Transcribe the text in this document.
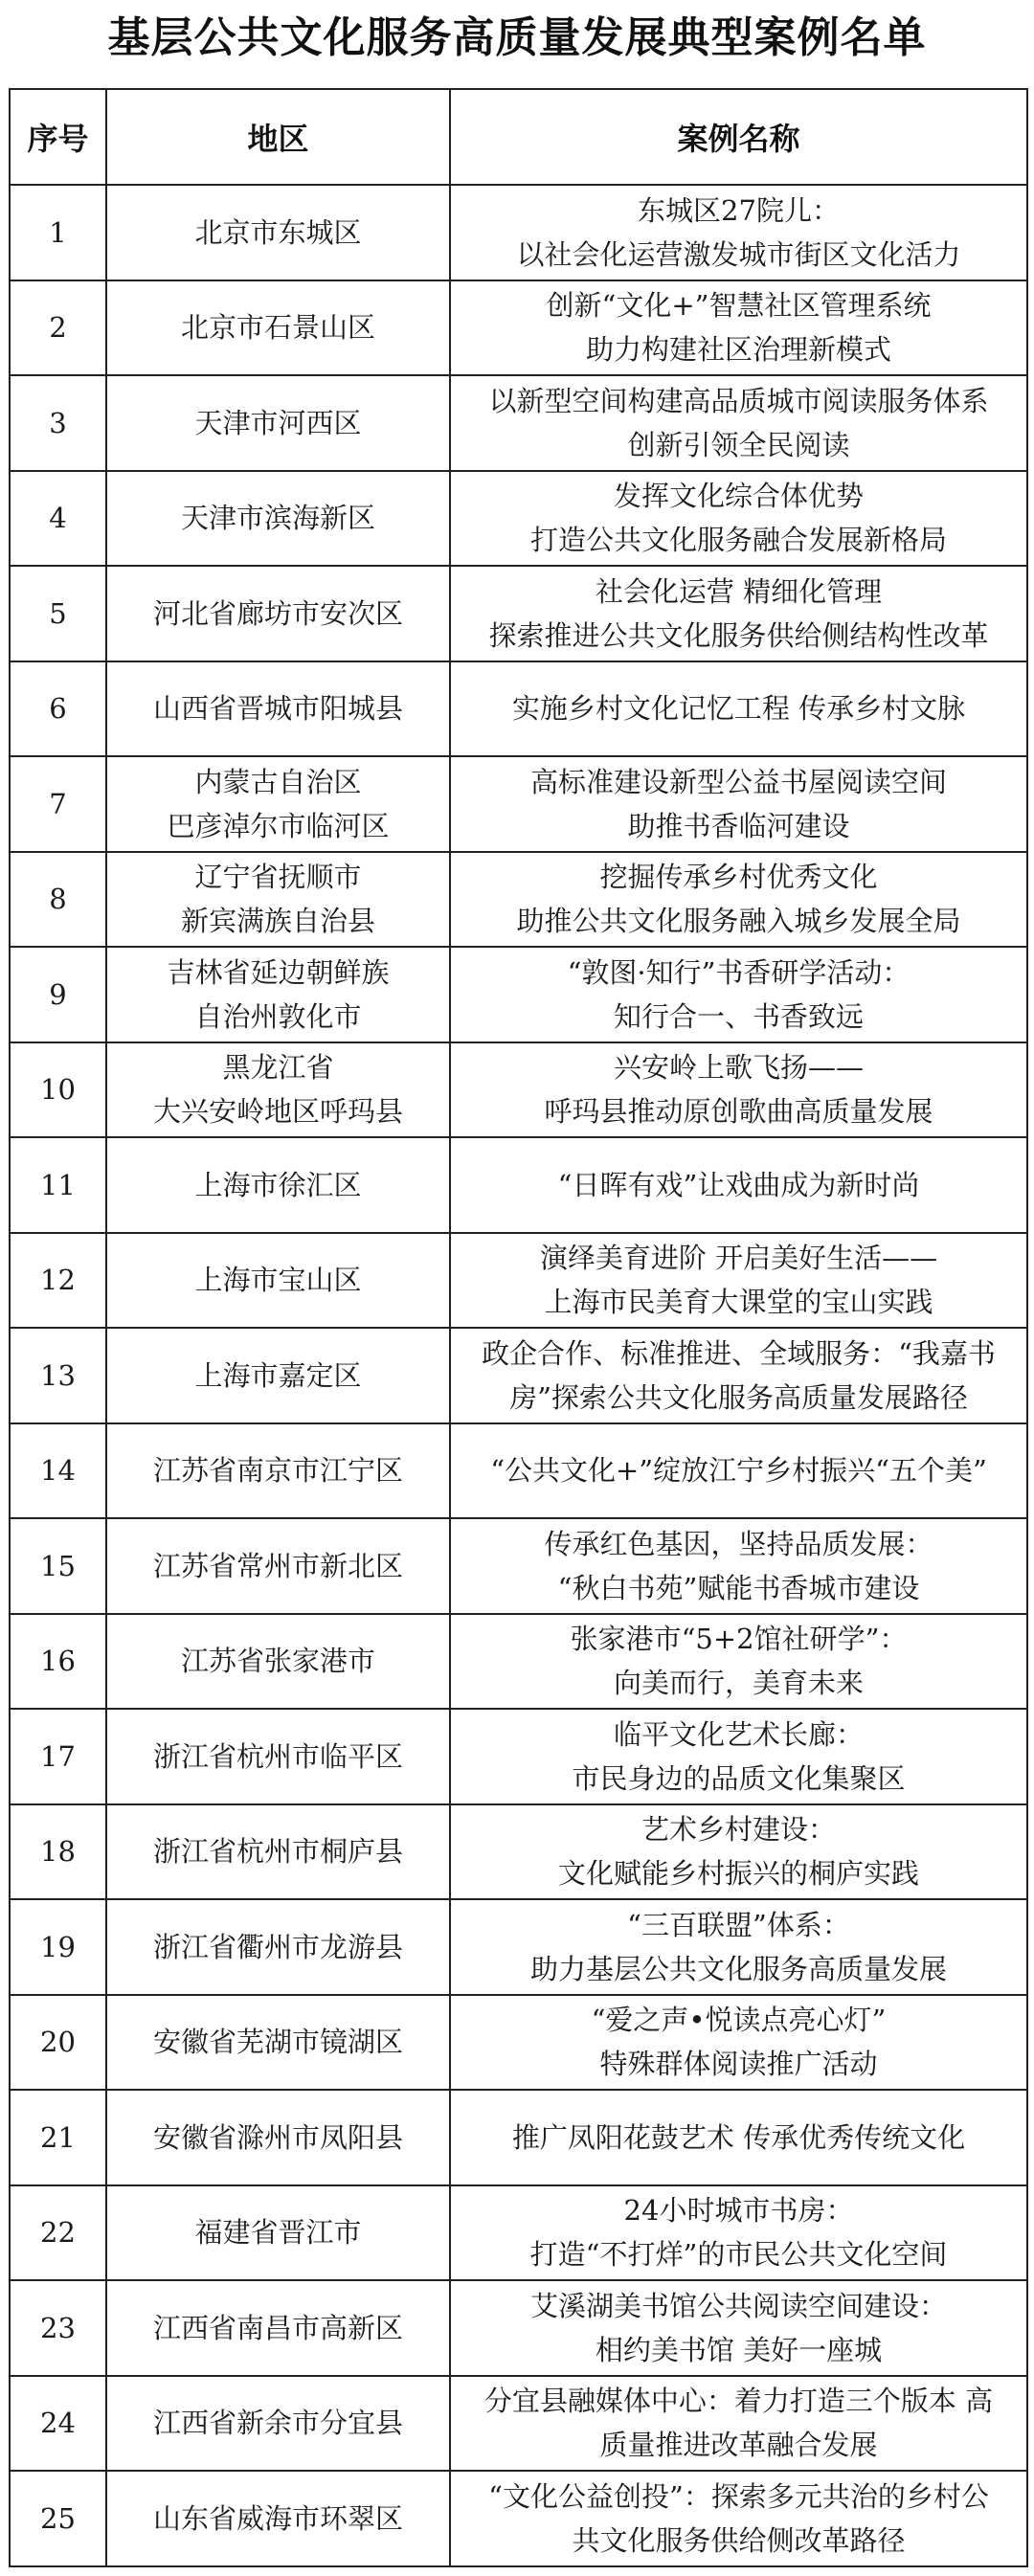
基层公共文化服务高质量发展典型案例名单
序号	地区	案例名称
1	北京市东城区	东城区27院儿：
以社会化运营激发城市街区文化活力

2	北京市石景山区	创新“文化+”智慧社区管理系统
助力构建社区治理新模式

3	天津市河西区	以新型空间构建高品质城市阅读服务体系
创新引领全民阅读

4	天津市滨海新区	发挥文化综合体优势
打造公共文化服务融合发展新格局

5	河北省廊坊市安次区	社会化运营 精细化管理
探索推进公共文化服务供给侧结构性改革

6	山西省晋城市阳城县	实施乡村文化记忆工程 传承乡村文脉

7	内蒙古自治区
巴彦淖尔市临河区	高标准建设新型公益书屋阅读空间
助推书香临河建设

8	辽宁省抚顺市
新宾满族自治县	挖掘传承乡村优秀文化
助推公共文化服务融入城乡发展全局

9	吉林省延边朝鲜族
自治州敦化市	“敦图·知行”书香研学活动：
知行合一、书香致远

10	黑龙江省
大兴安岭地区呼玛县	兴安岭上歌飞扬——
呼玛县推动原创歌曲高质量发展

11	上海市徐汇区	“日晖有戏”让戏曲成为新时尚

12	上海市宝山区	演绎美育进阶 开启美好生活——
上海市民美育大课堂的宝山实践

13	上海市嘉定区	政企合作、标准推进、全域服务：“我嘉书
房”探索公共文化服务高质量发展路径

14	江苏省南京市江宁区	“公共文化+”绽放江宁乡村振兴“五个美”

15	江苏省常州市新北区	传承红色基因，坚持品质发展：
“秋白书苑”赋能书香城市建设

16	江苏省张家港市	张家港市“5+2馆社研学”：
向美而行，美育未来

17	浙江省杭州市临平区	临平文化艺术长廊：
市民身边的品质文化集聚区

18	浙江省杭州市桐庐县	艺术乡村建设：
文化赋能乡村振兴的桐庐实践

19	浙江省衢州市龙游县	“三百联盟”体系：
助力基层公共文化服务高质量发展

20	安徽省芜湖市镜湖区	“爱之声•悦读点亮心灯”
特殊群体阅读推广活动

21	安徽省滁州市凤阳县	推广凤阳花鼓艺术 传承优秀传统文化

22	福建省晋江市	24小时城市书房：
打造“不打烊”的市民公共文化空间

23	江西省南昌市高新区	艾溪湖美书馆公共阅读空间建设：
相约美书馆 美好一座城

24	江西省新余市分宜县	分宜县融媒体中心：着力打造三个版本 高
质量推进改革融合发展

25	山东省威海市环翠区	“文化公益创投”：探索多元共治的乡村公
共文化服务供给侧改革路径
